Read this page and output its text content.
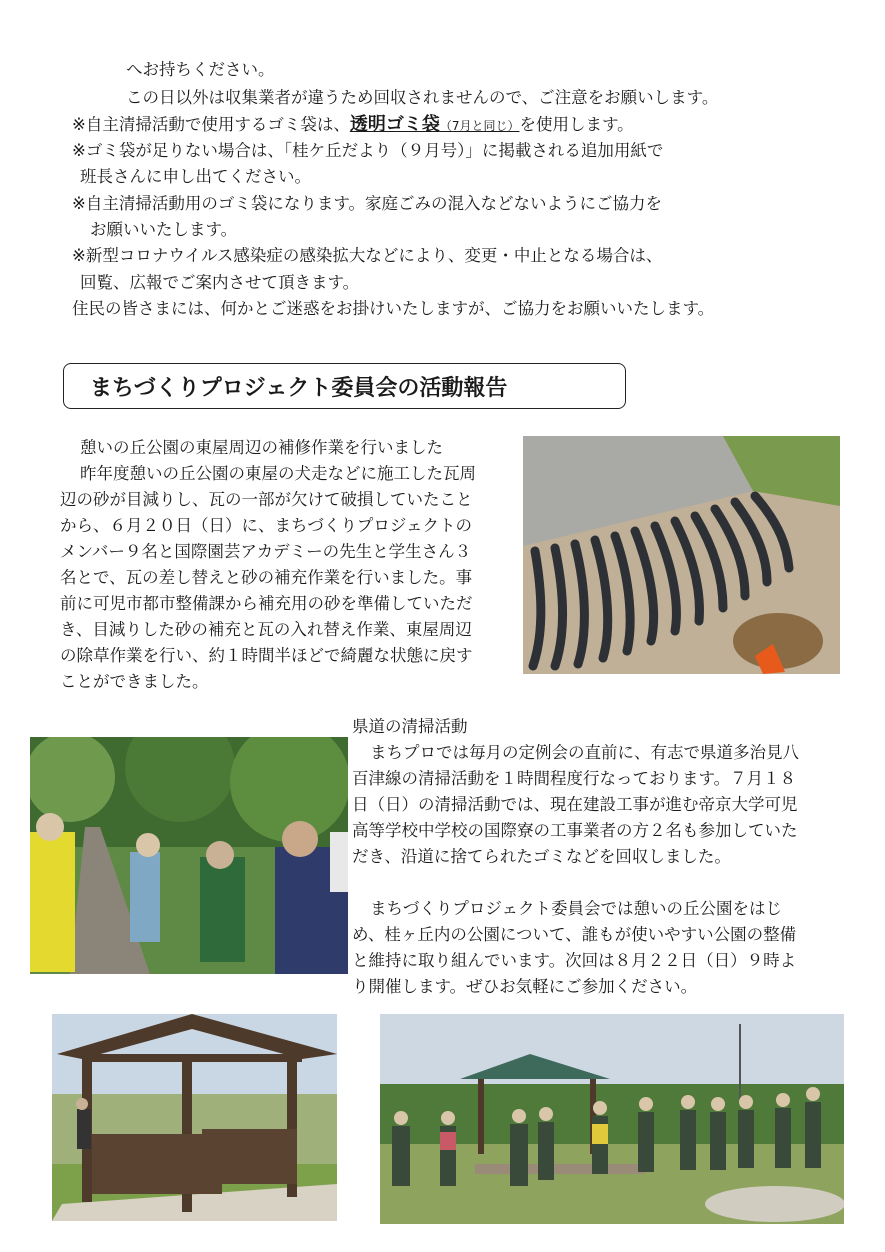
へお持ちください。
この日以外は収集業者が違うため回収されませんので、ご注意をお願いします。
※自主清掃活動で使用するゴミ袋は、透明ゴミ袋（7月と同じ）を使用します。
※ゴミ袋が足りない場合は、「桂ケ丘だより（９月号）」に掲載される追加用紙で
班長さんに申し出てください。
※自主清掃活動用のゴミ袋になります。家庭ごみの混入などないようにご協力を
お願いいたします。
※新型コロナウイルス感染症の感染拡大などにより、変更・中止となる場合は、
回覧、広報でご案内させて頂きます。
住民の皆さまには、何かとご迷惑をお掛けいたしますが、ご協力をお願いいたします。
まちづくりプロジェクト委員会の活動報告
憩いの丘公園の東屋周辺の補修作業を行いました
昨年度憩いの丘公園の東屋の犬走などに施工した瓦周
辺の砂が目減りし、瓦の一部が欠けて破損していたこと
から、６月２０日（日）に、まちづくりプロジェクトの
メンバー９名と国際園芸アカデミーの先生と学生さん３
名とで、瓦の差し替えと砂の補充作業を行いました。事
前に可児市都市整備課から補充用の砂を準備していただ
き、目減りした砂の補充と瓦の入れ替え作業、東屋周辺
の除草作業を行い、約１時間半ほどで綺麗な状態に戻す
ことができました。
県道の清掃活動
まちプロでは毎月の定例会の直前に、有志で県道多治見八
百津線の清掃活動を１時間程度行なっております。７月１８
日（日）の清掃活動では、現在建設工事が進む帝京大学可児
高等学校中学校の国際寮の工事業者の方２名も参加していた
だき、沿道に捨てられたゴミなどを回収しました。
まちづくりプロジェクト委員会では憩いの丘公園をはじ
め、桂ヶ丘内の公園について、誰もが使いやすい公園の整備
と維持に取り組んでいます。次回は８月２２日（日）９時よ
り開催します。ぜひお気軽にご参加ください。
